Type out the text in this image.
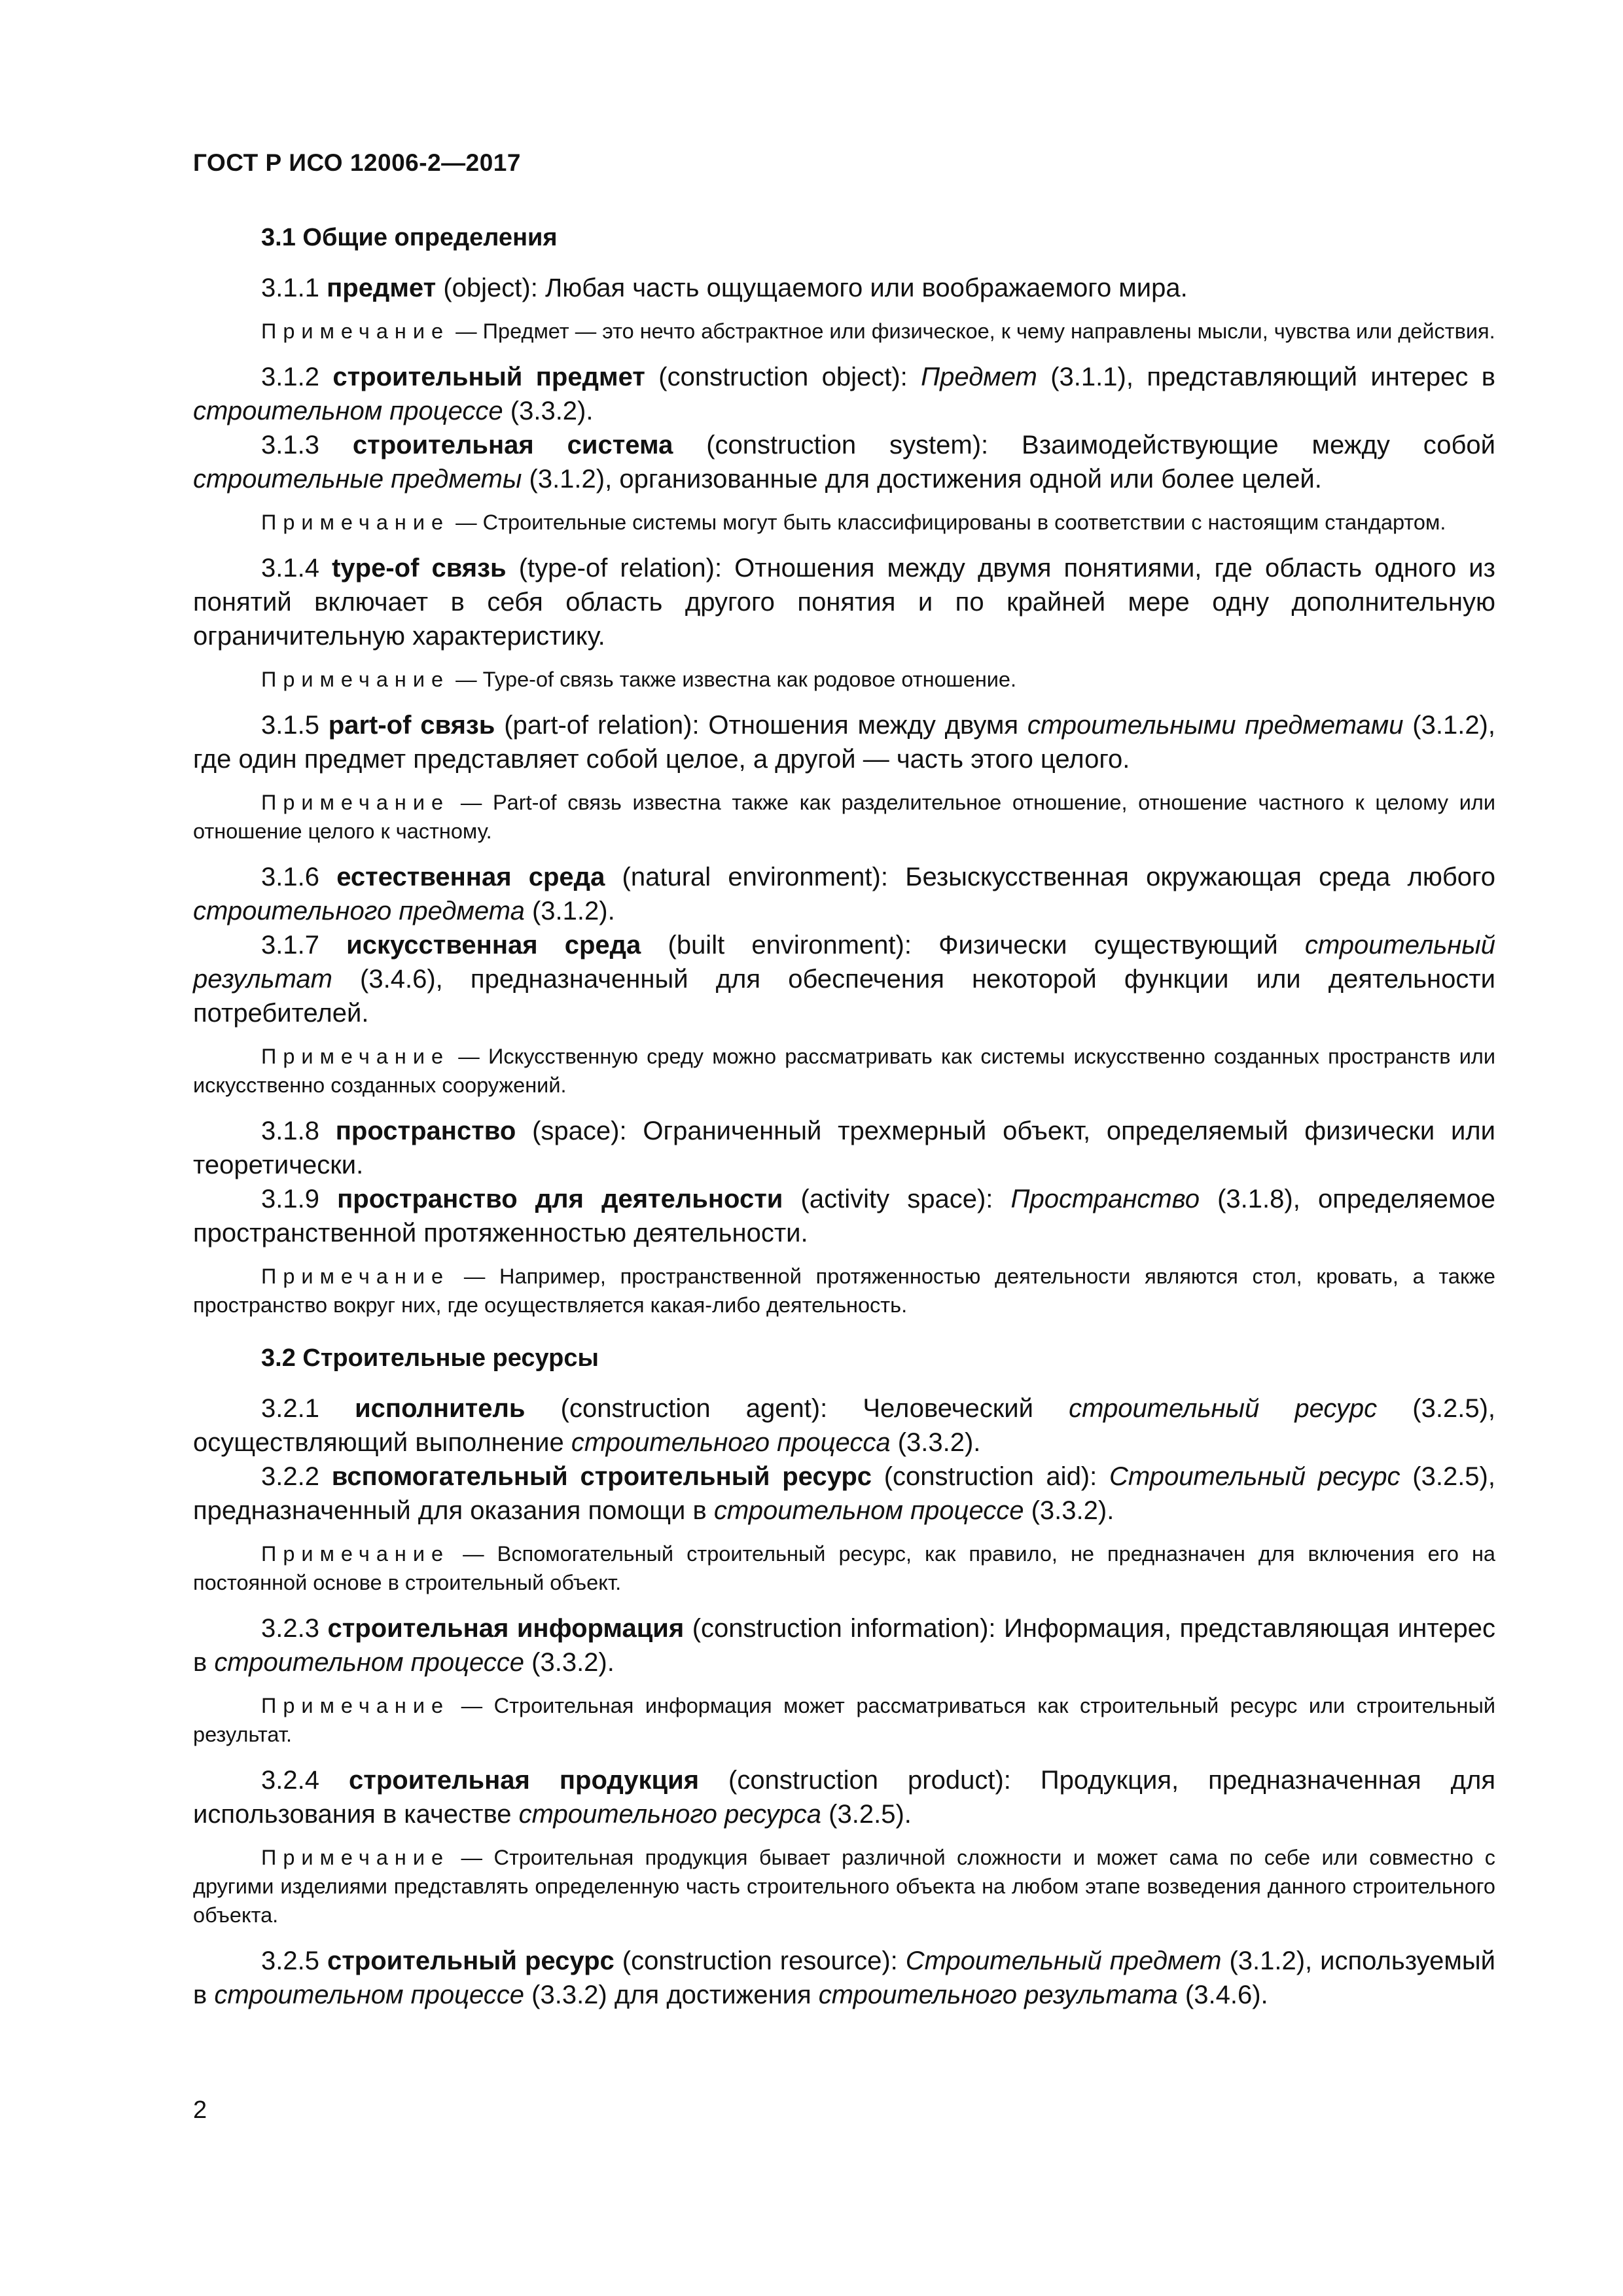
ГОСТ Р ИСО 12006-2—2017
3.1 Общие определения

3.1.1 предмет (object): Любая часть ощущаемого или воображаемого мира.

Примечание — Предмет — это нечто абстрактное или физическое, к чему направлены мысли, чувства или действия.

3.1.2 строительный предмет (construction object): Предмет (3.1.1), представляющий интерес в строительном процессе (3.3.2).

3.1.3 строительная система (construction system): Взаимодействующие между собой строительные предметы (3.1.2), организованные для достижения одной или более целей.

Примечание — Строительные системы могут быть классифицированы в соответствии с настоящим стандартом.

3.1.4 type-of связь (type-of relation): Отношения между двумя понятиями, где область одного из понятий включает в себя область другого понятия и по крайней мере одну дополнительную ограничительную характеристику.

Примечание — Type-of связь также известна как родовое отношение.

3.1.5 part-of связь (part-of relation): Отношения между двумя строительными предметами (3.1.2), где один предмет представляет собой целое, а другой — часть этого целого.

Примечание — Part-of связь известна также как разделительное отношение, отношение частного к целому или отношение целого к частному.

3.1.6 естественная среда (natural environment): Безыскусственная окружающая среда любого строительного предмета (3.1.2).

3.1.7 искусственная среда (built environment): Физически существующий строительный результат (3.4.6), предназначенный для обеспечения некоторой функции или деятельности потребителей.

Примечание — Искусственную среду можно рассматривать как системы искусственно созданных пространств или искусственно созданных сооружений.

3.1.8 пространство (space): Ограниченный трехмерный объект, определяемый физически или теоретически.

3.1.9 пространство для деятельности (activity space): Пространство (3.1.8), определяемое пространственной протяженностью деятельности.

Примечание — Например, пространственной протяженностью деятельности являются стол, кровать, а также пространство вокруг них, где осуществляется какая-либо деятельность.

3.2 Строительные ресурсы

3.2.1 исполнитель (construction agent): Человеческий строительный ресурс (3.2.5), осуществляющий выполнение строительного процесса (3.3.2).

3.2.2 вспомогательный строительный ресурс (construction aid): Строительный ресурс (3.2.5), предназначенный для оказания помощи в строительном процессе (3.3.2).

Примечание — Вспомогательный строительный ресурс, как правило, не предназначен для включения его на постоянной основе в строительный объект.

3.2.3 строительная информация (construction information): Информация, представляющая интерес в строительном процессе (3.3.2).

Примечание — Строительная информация может рассматриваться как строительный ресурс или строительный результат.

3.2.4 строительная продукция (construction product): Продукция, предназначенная для использования в качестве строительного ресурса (3.2.5).

Примечание — Строительная продукция бывает различной сложности и может сама по себе или совместно с другими изделиями представлять определенную часть строительного объекта на любом этапе возведения данного строительного объекта.

3.2.5 строительный ресурс (construction resource): Строительный предмет (3.1.2), используемый в строительном процессе (3.3.2) для достижения строительного результата (3.4.6).

2
